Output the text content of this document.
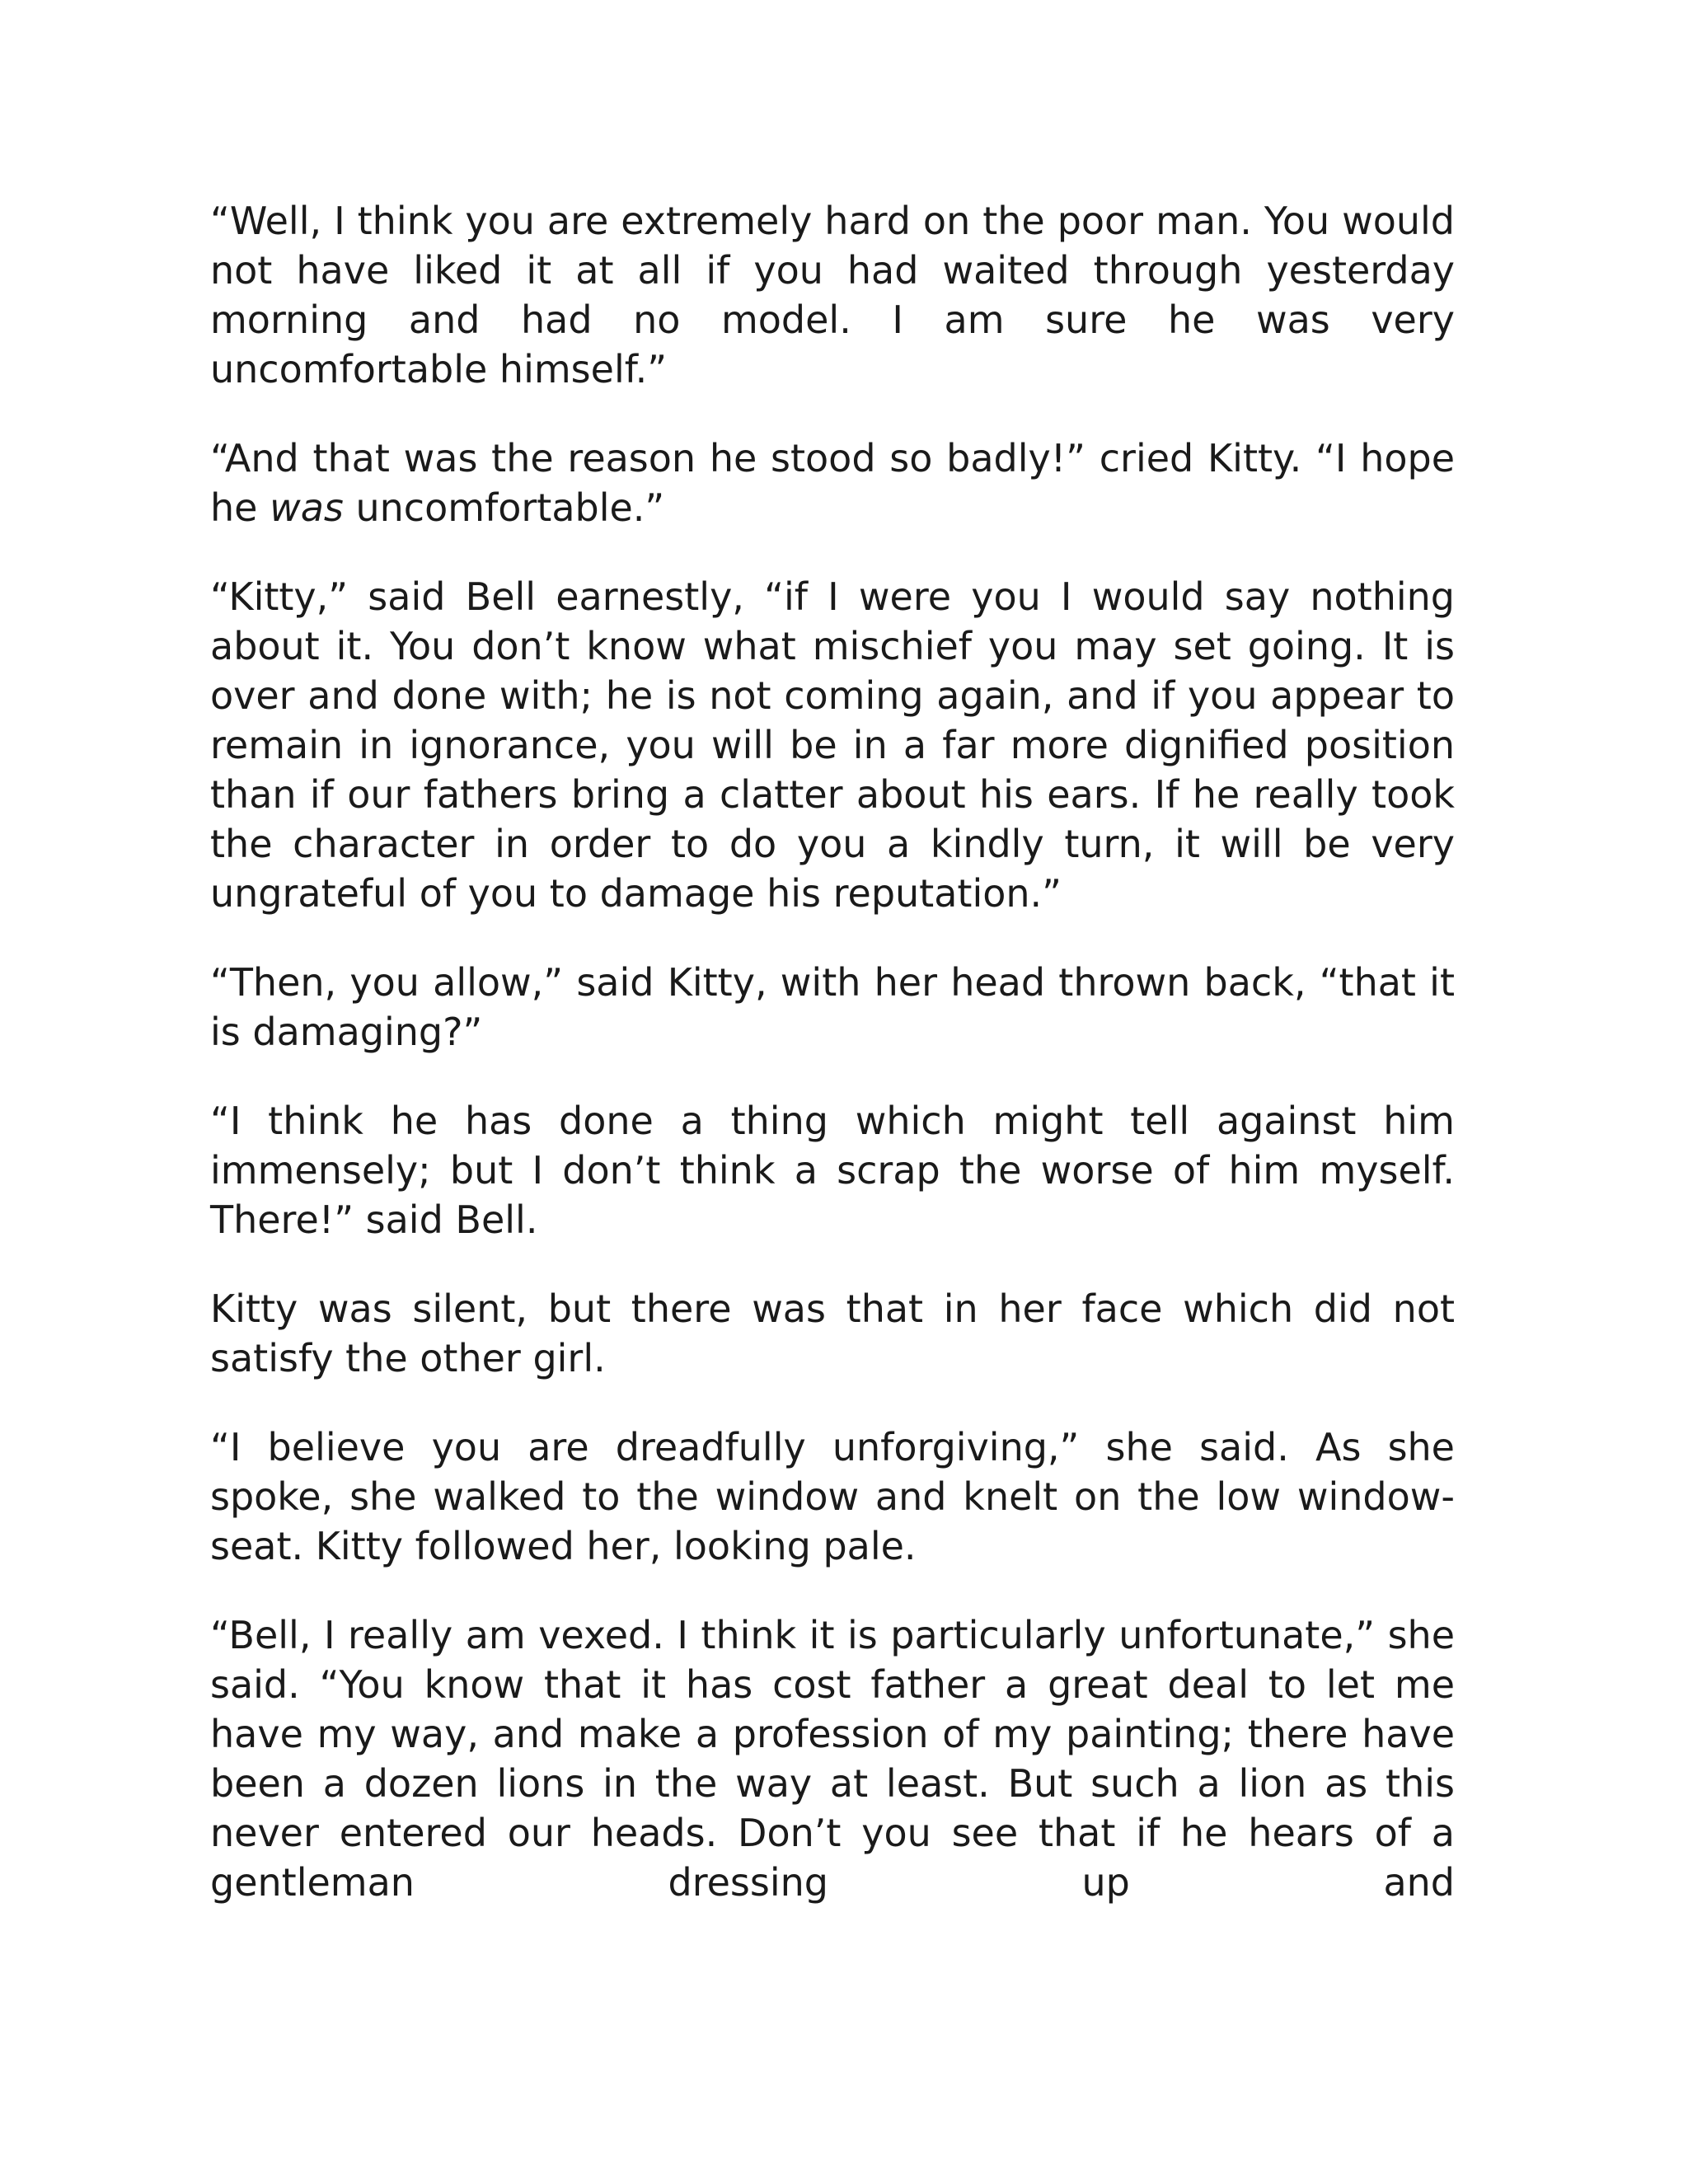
“Well, I think you are extremely hard on the poor man. You would not have liked it at all if you had waited through yesterday morning and had no model. I am sure he was very uncomfortable himself.”

“And that was the reason he stood so badly!” cried Kitty. “I hope he was uncomfortable.”

“Kitty,” said Bell earnestly, “if I were you I would say nothing about it. You don’t know what mischief you may set going. It is over and done with; he is not coming again, and if you appear to remain in ignorance, you will be in a far more dignified position than if our fathers bring a clatter about his ears. If he really took the character in order to do you a kindly turn, it will be very ungrateful of you to damage his reputation.”

“Then, you allow,” said Kitty, with her head thrown back, “that it is damaging?”

“I think he has done a thing which might tell against him immensely; but I don’t think a scrap the worse of him myself. There!” said Bell.

Kitty was silent, but there was that in her face which did not satisfy the other girl.

“I believe you are dreadfully unforgiving,” she said. As she spoke, she walked to the window and knelt on the low window-seat. Kitty followed her, looking pale.

“Bell, I really am vexed. I think it is particularly unfortunate,” she said. “You know that it has cost father a great deal to let me have my way, and make a profession of my painting; there have been a dozen lions in the way at least. But such a lion as this never entered our heads. Don’t you see that if he hears of a gentleman dressing up and
